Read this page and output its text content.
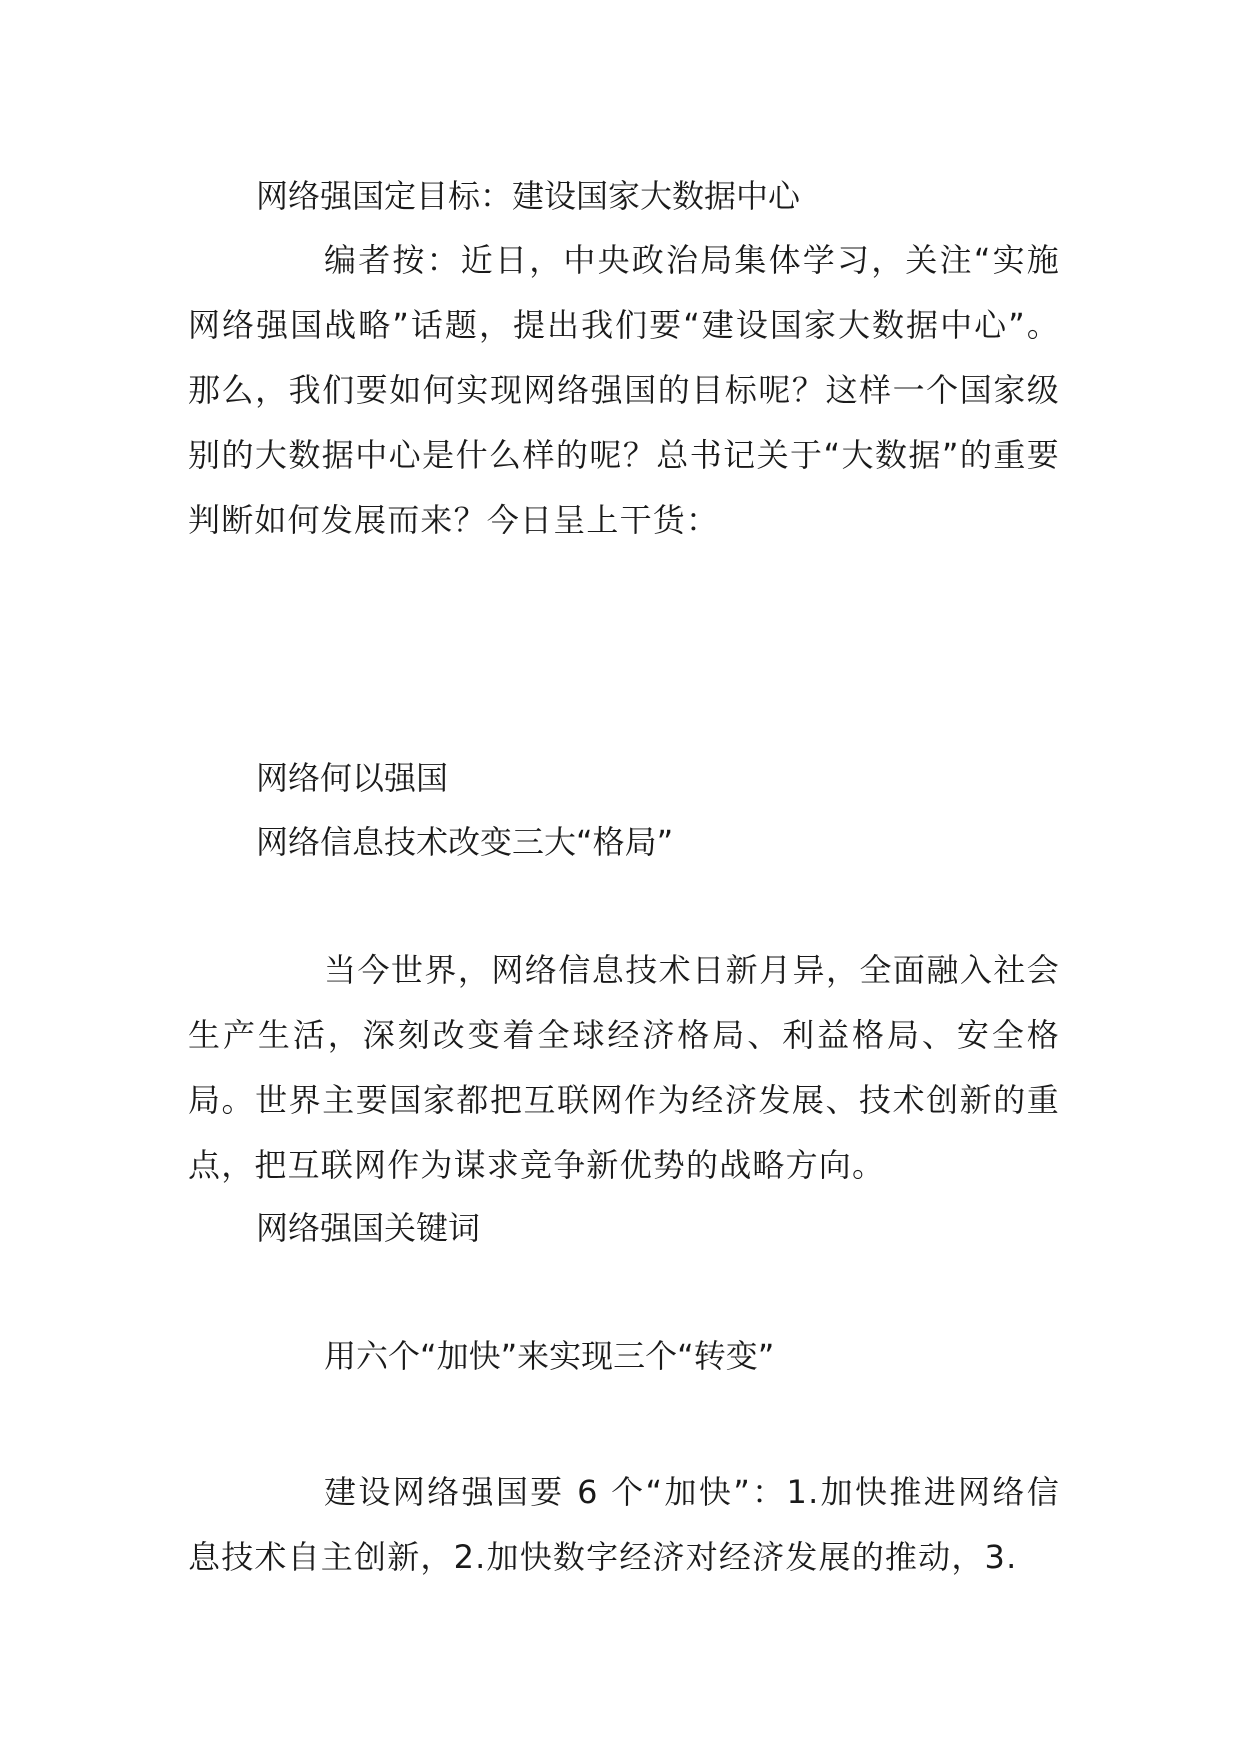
网络强国定目标：建设国家大数据中心

编者按：近日，中央政治局集体学习，关注“实施网络强国战略”话题，提出我们要“建设国家大数据中心”。那么，我们要如何实现网络强国的目标呢？这样一个国家级别的大数据中心是什么样的呢？总书记关于“大数据”的重要判断如何发展而来？今日呈上干货：

网络何以强国

网络信息技术改变三大“格局”

当今世界，网络信息技术日新月异，全面融入社会生产生活，深刻改变着全球经济格局、利益格局、安全格局。世界主要国家都把互联网作为经济发展、技术创新的重点，把互联网作为谋求竞争新优势的战略方向。

网络强国关键词

用六个“加快”来实现三个“转变”

建设网络强国要 6 个“加快”：1.加快推进网络信息技术自主创新，2.加快数字经济对经济发展的推动，3.
